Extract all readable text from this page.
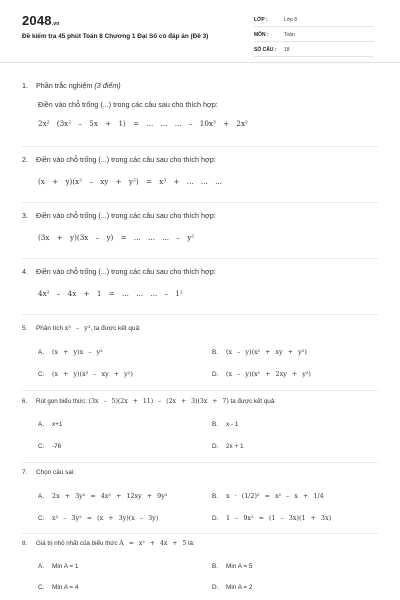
2048.vn
Đề kiểm tra 45 phút Toán 8 Chương 1 Đại Số có đáp án (Đề 3)
LỚP :	Lớp 8
MÔN :	Toán
SỐ CÂU : 18
1. Phần trắc nghiệm (3 điểm)
Điền vào chỗ trống (...) trong các câu sau cho thích hợp:
2x² (3x² – 5x + 1) = ... ... ... – 10x³ + 2x²
2. Điền vào chỗ trống (...) trong các câu sau cho thích hợp:
(x + y)(x² – xy + y²) = x³ + ... ... ...
3. Điền vào chỗ trống (...) trong các câu sau cho thích hợp:
(3x + y)(3x – y) = ... ... ... – y²
4. Điền vào chỗ trống (...) trong các câu sau cho thích hợp:
4x² – 4x + 1 = ... ... ... – 1²
5. Phân tích x³ – y³, ta được kết quả:
A. (x + y)x – y²	B. (x – y)(x² + xy + y²)
C. (x + y)(x² – xy + y²)	D. (x – y)(x² + 2xy + y²)
6. Rút gọn biểu thức: (3x – 5)(2x + 11) – (2x + 3)(3x + 7) ta được kết quả:
A. x+1	B. x - 1
C. -76	D. 2x + 1
7. Chọn câu sai:
A. 2x + 3y² = 4x² + 12xy + 9y²	B. x · (1/2)² = x² – x + 1/4
C. x² – 3y² = (x + 3y)(x – 3y)	D. 1 – 9x² = (1 – 3x)(1 + 3x)
8. Giá trị nhỏ nhất của biểu thức A = x² + 4x + 5 là:
A. Min A = 1	B. Min A = 5
C. Min A = 4	D. Min A = 2
